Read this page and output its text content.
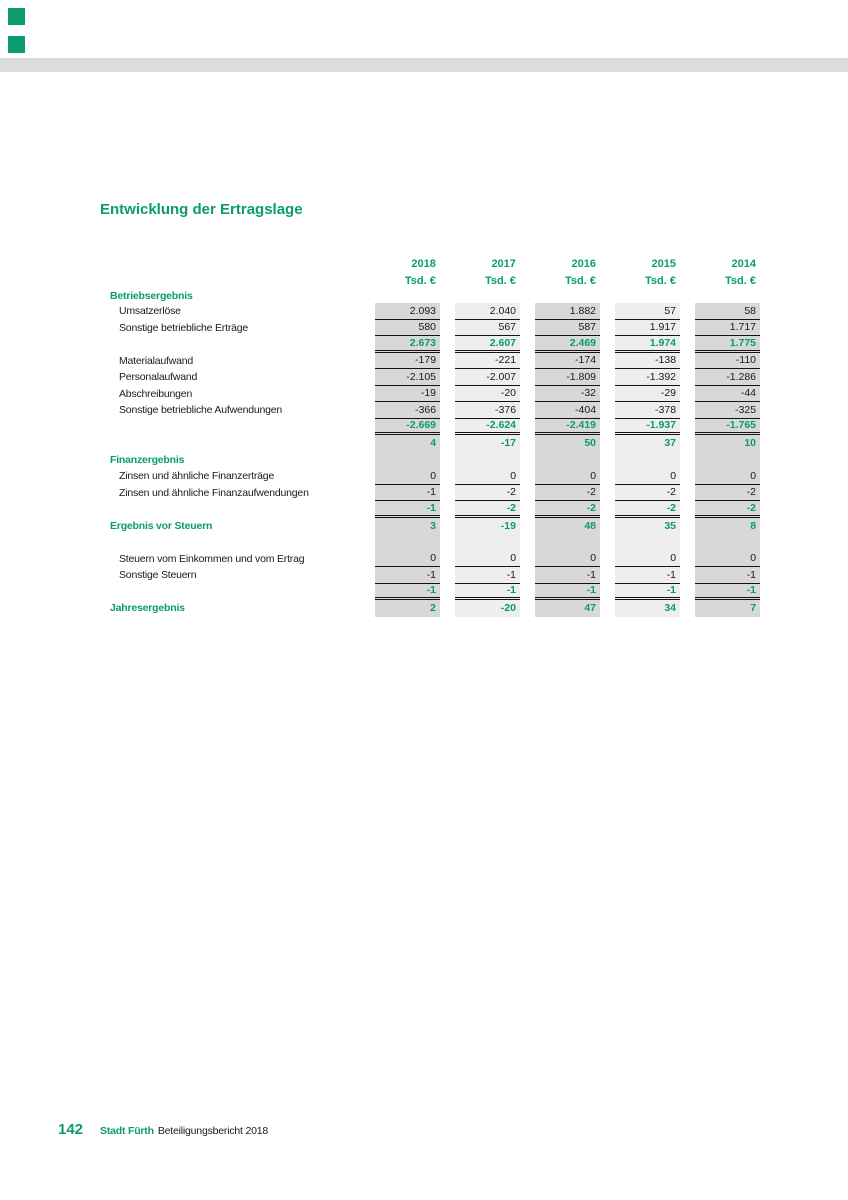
Entwicklung der Ertragslage
2018	2017	2016	2015	2014
Tsd. €	Tsd. €	Tsd. €	Tsd. €	Tsd. €
Betriebsergebnis
Umsatzerlöse	2.093	2.040	1.882	57	58
Sonstige betriebliche Erträge	580	567	587	1.917	1.717
2.673	2.607	2.469	1.974	1.775
Materialaufwand	-179	-221	-174	-138	-110
Personalaufwand	-2.105	-2.007	-1.809	-1.392	-1.286
Abschreibungen	-19	-20	-32	-29	-44
Sonstige betriebliche Aufwendungen	-366	-376	-404	-378	-325
-2.669	-2.624	-2.419	-1.937	-1.765
4	-17	50	37	10
Finanzergebnis
Zinsen und ähnliche Finanzerträge	0	0	0	0	0
Zinsen und ähnliche Finanzaufwendungen	-1	-2	-2	-2	-2
-1	-2	-2	-2	-2
Ergebnis vor Steuern	3	-19	48	35	8
Steuern vom Einkommen und vom Ertrag	0	0	0	0	0
Sonstige Steuern	-1	-1	-1	-1	-1
-1	-1	-1	-1	-1
Jahresergebnis	2	-20	47	34	7
142 Stadt Fürth Beteiligungsbericht 2018
